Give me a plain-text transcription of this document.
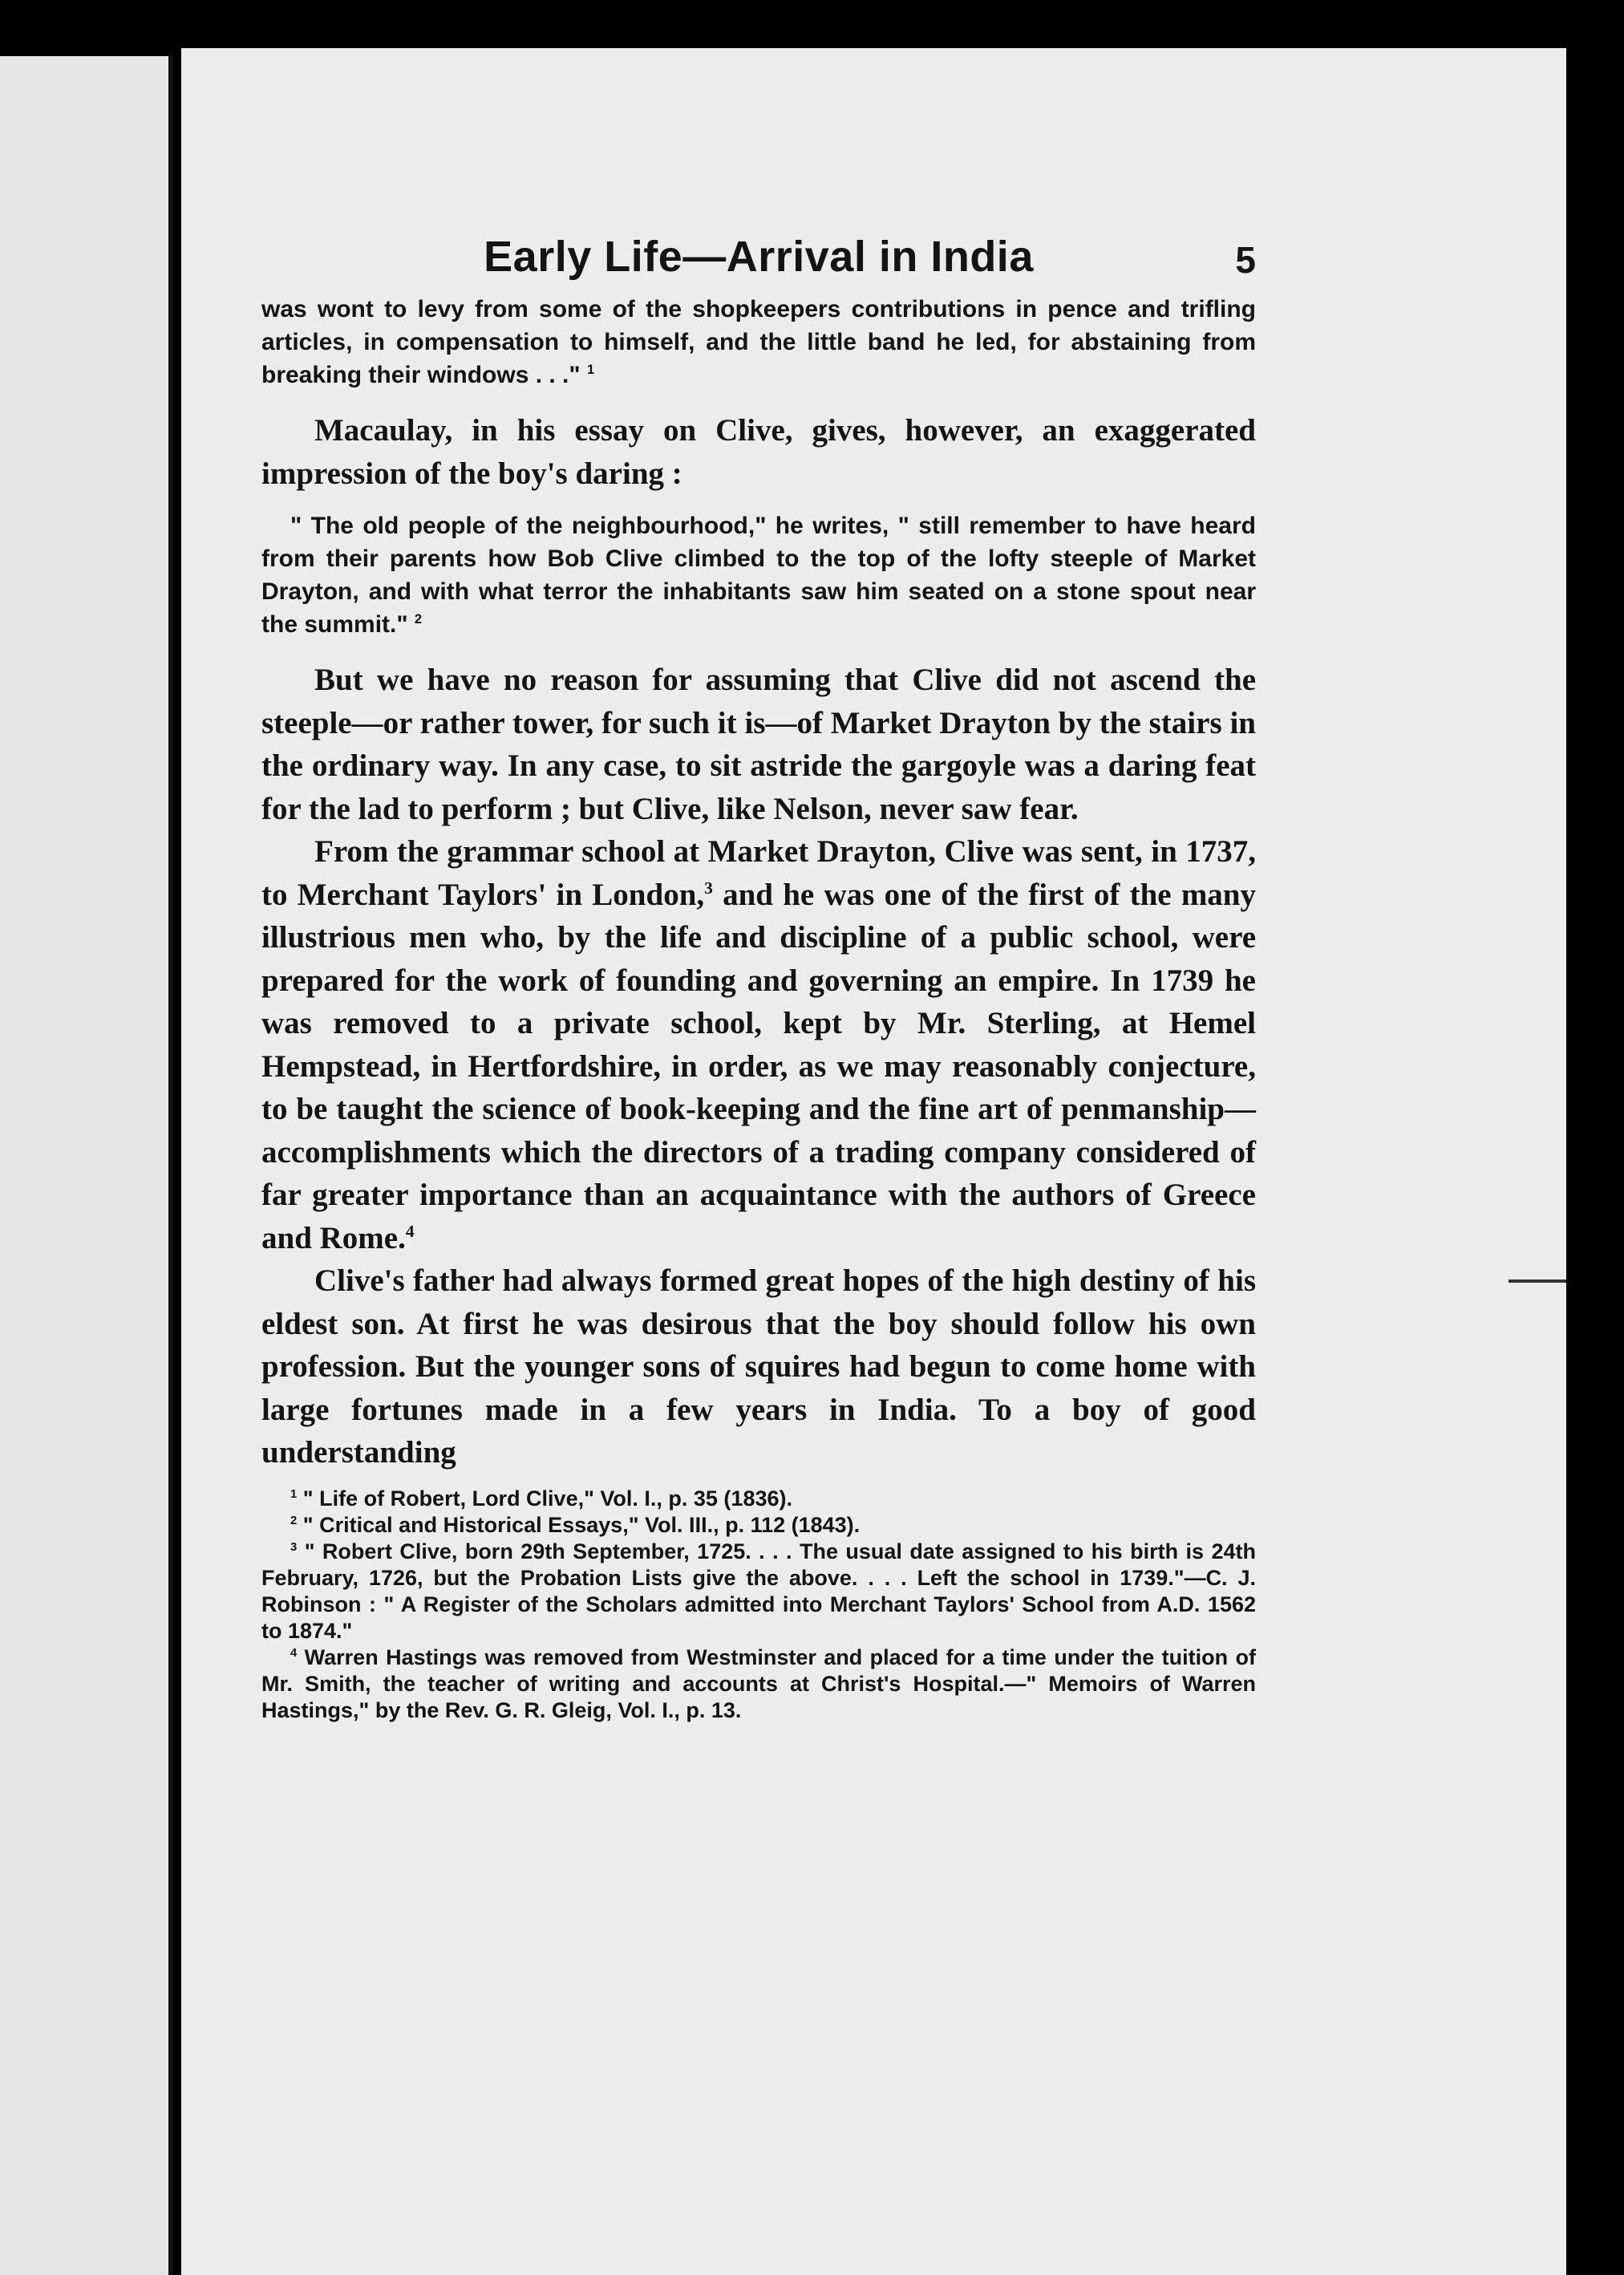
Early Life—Arrival in India	5

was wont to levy from some of the shopkeepers contributions in pence and trifling articles, in compensation to himself, and the little band he led, for abstaining from breaking their windows . . ." $^1$

Macaulay, in his essay on Clive, gives, however, an exaggerated impression of the boy's daring :

" The old people of the neighbourhood," he writes, " still remember to have heard from their parents how Bob Clive climbed to the top of the lofty steeple of Market Drayton, and with what terror the inhabitants saw him seated on a stone spout near the summit." $^2$

But we have no reason for assuming that Clive did not ascend the steeple—or rather tower, for such it is—of Market Drayton by the stairs in the ordinary way. In any case, to sit astride the gargoyle was a daring feat for the lad to perform ; but Clive, like Nelson, never saw fear.

From the grammar school at Market Drayton, Clive was sent, in 1737, to Merchant Taylors' in London,$^3$ and he was one of the first of the many illustrious men who, by the life and discipline of a public school, were prepared for the work of founding and governing an empire. In 1739 he was removed to a private school, kept by Mr. Sterling, at Hemel Hempstead, in Hertfordshire, in order, as we may reasonably conjecture, to be taught the science of book-keeping and the fine art of penmanship—accomplishments which the directors of a trading company considered of far greater importance than an acquaintance with the authors of Greece and Rome.$^4$

Clive's father had always formed great hopes of the high destiny of his eldest son. At first he was desirous that the boy should follow his own profession. But the younger sons of squires had begun to come home with large fortunes made in a few years in India. To a boy of good understanding

$^1$ " Life of Robert, Lord Clive," Vol. I., p. 35 (1836).

$^2$ " Critical and Historical Essays," Vol. III., p. 112 (1843).

$^3$ " Robert Clive, born 29th September, 1725. . . . The usual date assigned to his birth is 24th February, 1726, but the Probation Lists give the above. . . . Left the school in 1739."—C. J. Robinson : " A Register of the Scholars admitted into Merchant Taylors' School from A.D. 1562 to 1874."

$^4$ Warren Hastings was removed from Westminster and placed for a time under the tuition of Mr. Smith, the teacher of writing and accounts at Christ's Hospital.—" Memoirs of Warren Hastings," by the Rev. G. R. Gleig, Vol. I., p. 13.
